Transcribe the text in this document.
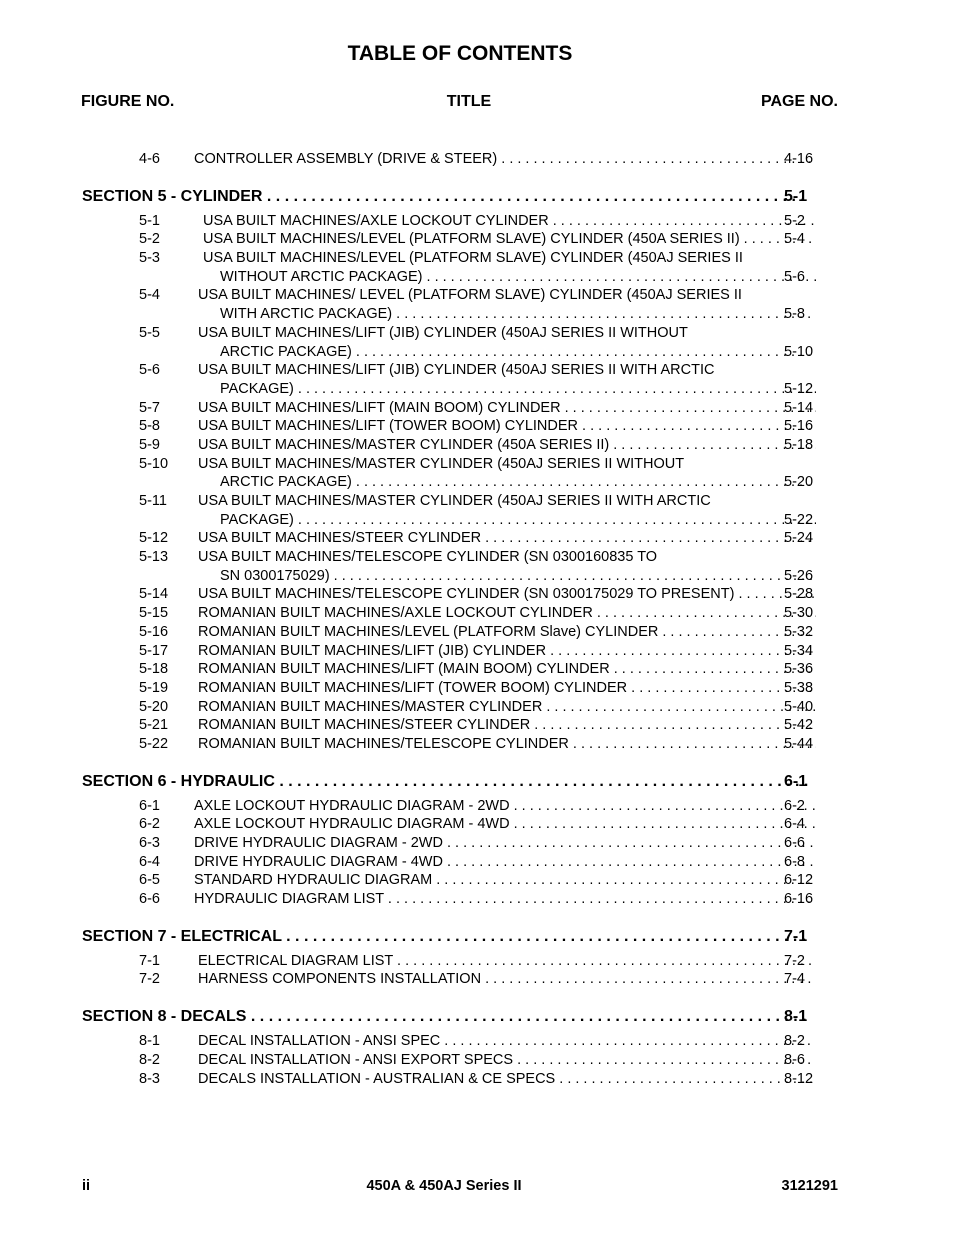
TABLE OF CONTENTS
FIGURE NO.	TITLE	PAGE NO.
4-6 CONTROLLER ASSEMBLY (DRIVE & STEER) . . .	4-16
SECTION 5 - CYLINDER . . .	5-1
5-1	USA BUILT MACHINES/AXLE LOCKOUT CYLINDER . . .	5-2
5-2	USA BUILT MACHINES/LEVEL (PLATFORM SLAVE) CYLINDER (450A SERIES II) . . .	5-4
5-3	USA BUILT MACHINES/LEVEL (PLATFORM SLAVE) CYLINDER (450AJ SERIES II
WITHOUT ARCTIC PACKAGE) . . .	5-6
5-4	USA BUILT MACHINES/ LEVEL (PLATFORM SLAVE) CYLINDER (450AJ SERIES II
WITH ARCTIC PACKAGE) . . .	5-8
5-5	USA BUILT MACHINES/LIFT (JIB) CYLINDER (450AJ SERIES II WITHOUT
ARCTIC PACKAGE) . . .	5-10
5-6	USA BUILT MACHINES/LIFT (JIB) CYLINDER (450AJ SERIES II WITH ARCTIC
PACKAGE) . . .	5-12
5-7	USA BUILT MACHINES/LIFT (MAIN BOOM) CYLINDER . . .	5-14
5-8	USA BUILT MACHINES/LIFT (TOWER BOOM) CYLINDER . . .	5-16
5-9	USA BUILT MACHINES/MASTER CYLINDER (450A SERIES II) . . .	5-18
5-10 USA BUILT MACHINES/MASTER CYLINDER (450AJ SERIES II WITHOUT
ARCTIC PACKAGE) . . .	5-20
5-11 USA BUILT MACHINES/MASTER CYLINDER (450AJ SERIES II WITH ARCTIC
PACKAGE) . . .	5-22
5-12 USA BUILT MACHINES/STEER CYLINDER . . .	5-24
5-13 USA BUILT MACHINES/TELESCOPE CYLINDER (SN 0300160835 TO
SN 0300175029) . . .	5-26
5-14 USA BUILT MACHINES/TELESCOPE CYLINDER (SN 0300175029 TO PRESENT) . . .	5-28
5-15 ROMANIAN BUILT MACHINES/AXLE LOCKOUT CYLINDER . . .	5-30
5-16 ROMANIAN BUILT MACHINES/LEVEL (PLATFORM Slave) CYLINDER . . .	5-32
5-17 ROMANIAN BUILT MACHINES/LIFT (JIB) CYLINDER . . .	5-34
5-18 ROMANIAN BUILT MACHINES/LIFT (MAIN BOOM) CYLINDER . . .	5-36
5-19 ROMANIAN BUILT MACHINES/LIFT (TOWER BOOM) CYLINDER . . .	5-38
5-20 ROMANIAN BUILT MACHINES/MASTER CYLINDER . . .	5-40
5-21 ROMANIAN BUILT MACHINES/STEER CYLINDER . . .	5-42
5-22 ROMANIAN BUILT MACHINES/TELESCOPE CYLINDER . . .	5-44
SECTION 6 - HYDRAULIC . . .	6-1
6-1 AXLE LOCKOUT HYDRAULIC DIAGRAM - 2WD . . .	6-2
6-2 AXLE LOCKOUT HYDRAULIC DIAGRAM - 4WD . . .	6-4
6-3 DRIVE HYDRAULIC DIAGRAM - 2WD . . .	6-6
6-4 DRIVE HYDRAULIC DIAGRAM - 4WD . . .	6-8
6-5 STANDARD HYDRAULIC DIAGRAM . . .	6-12
6-6 HYDRAULIC DIAGRAM LIST . . .	6-16
SECTION 7 - ELECTRICAL . . .	7-1
7-1	ELECTRICAL DIAGRAM LIST . . .	7-2
7-2	HARNESS COMPONENTS INSTALLATION . . .	7-4
SECTION 8 - DECALS . . .	8-1
8-1	DECAL INSTALLATION - ANSI SPEC . . .	8-2
8-2	DECAL INSTALLATION - ANSI EXPORT SPECS . . .	8-6
8-3	DECALS INSTALLATION - AUSTRALIAN & CE SPECS . . .	8-12
ii	450A & 450AJ Series II	3121291
